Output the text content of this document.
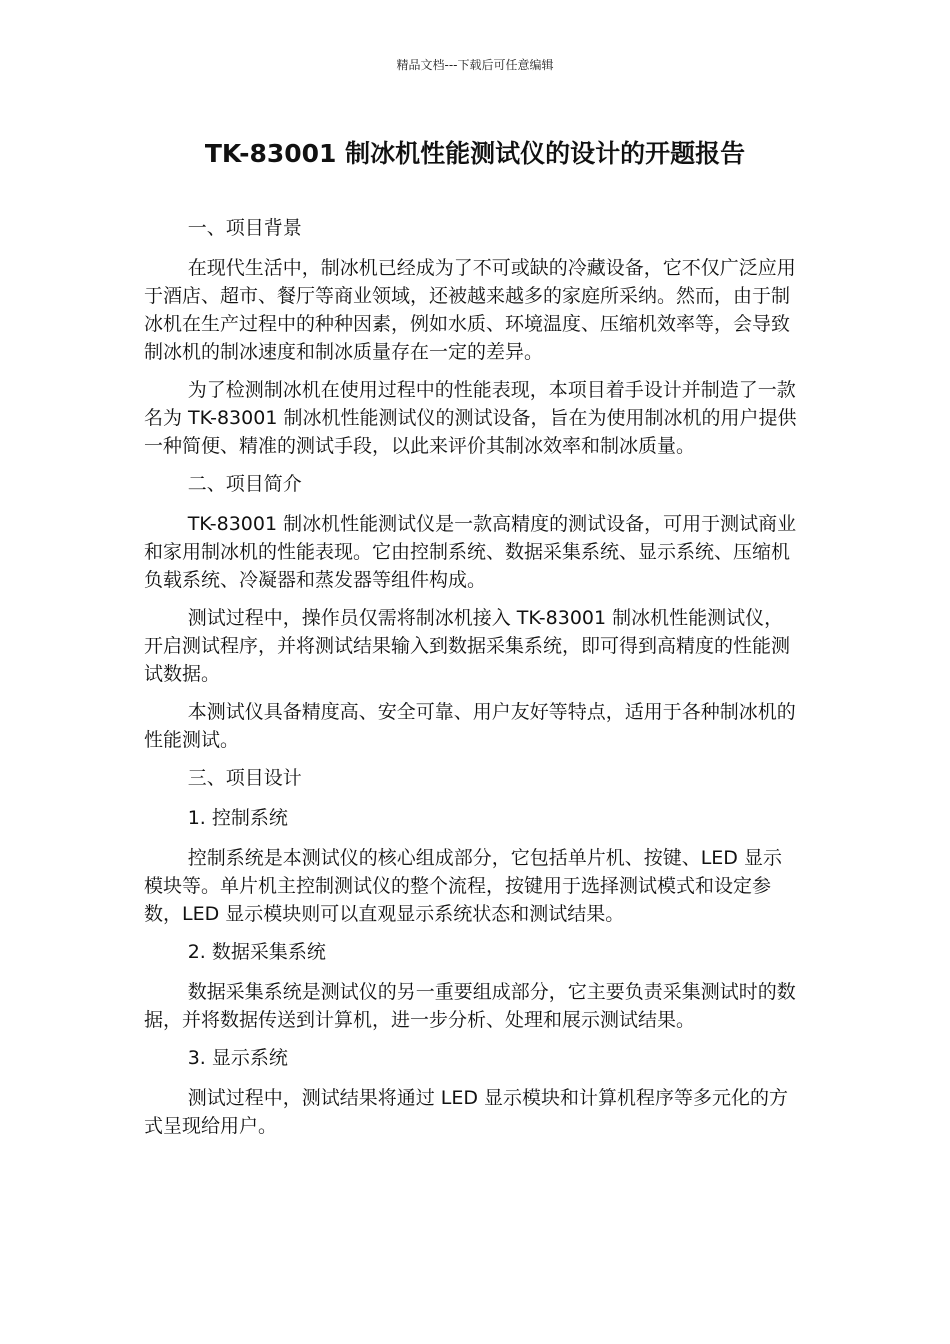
精品文档---下载后可任意编辑
TK-83001 制冰机性能测试仪的设计的开题报告

一、项目背景

在现代生活中，制冰机已经成为了不可或缺的冷藏设备，它不仅广泛应用于酒店、超市、餐厅等商业领域，还被越来越多的家庭所采纳。然而，由于制冰机在生产过程中的种种因素，例如水质、环境温度、压缩机效率等，会导致制冰机的制冰速度和制冰质量存在一定的差异。

为了检测制冰机在使用过程中的性能表现，本项目着手设计并制造了一款名为 TK-83001 制冰机性能测试仪的测试设备，旨在为使用制冰机的用户提供一种简便、精准的测试手段，以此来评价其制冰效率和制冰质量。

二、项目简介

TK-83001 制冰机性能测试仪是一款高精度的测试设备，可用于测试商业和家用制冰机的性能表现。它由控制系统、数据采集系统、显示系统、压缩机负载系统、冷凝器和蒸发器等组件构成。

测试过程中，操作员仅需将制冰机接入 TK-83001 制冰机性能测试仪，开启测试程序，并将测试结果输入到数据采集系统，即可得到高精度的性能测试数据。

本测试仪具备精度高、安全可靠、用户友好等特点，适用于各种制冰机的性能测试。

三、项目设计

1. 控制系统

控制系统是本测试仪的核心组成部分，它包括单片机、按键、LED 显示模块等。单片机主控制测试仪的整个流程，按键用于选择测试模式和设定参数，LED 显示模块则可以直观显示系统状态和测试结果。

2. 数据采集系统

数据采集系统是测试仪的另一重要组成部分，它主要负责采集测试时的数据，并将数据传送到计算机，进一步分析、处理和展示测试结果。

3. 显示系统

测试过程中，测试结果将通过 LED 显示模块和计算机程序等多元化的方式呈现给用户。
